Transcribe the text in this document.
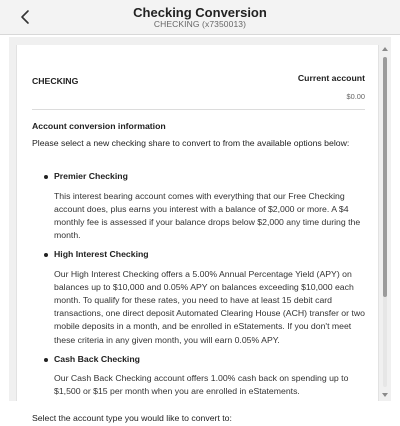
Checking Conversion
CHECKING (x7350013)
CHECKING	Current account
$0.00
Account conversion information
Please select a new checking share to convert to from the available options below:
Premier Checking
This interest bearing account comes with everything that our Free Checking account does, plus earns you interest with a balance of $2,000 or more. A $4 monthly fee is assessed if your balance drops below $2,000 any time during the month.
High Interest Checking
Our High Interest Checking offers a 5.00% Annual Percentage Yield (APY) on balances up to $10,000 and 0.05% APY on balances exceeding $10,000 each month. To qualify for these rates, you need to have at least 15 debit card transactions, one direct deposit Automated Clearing House (ACH) transfer or two mobile deposits in a month, and be enrolled in eStatements. If you don't meet these criteria in any given month, you will earn 0.05% APY.
Cash Back Checking
Our Cash Back Checking account offers 1.00% cash back on spending up to $1,500 or $15 per month when you are enrolled in eStatements.
Select the account type you would like to convert to:
